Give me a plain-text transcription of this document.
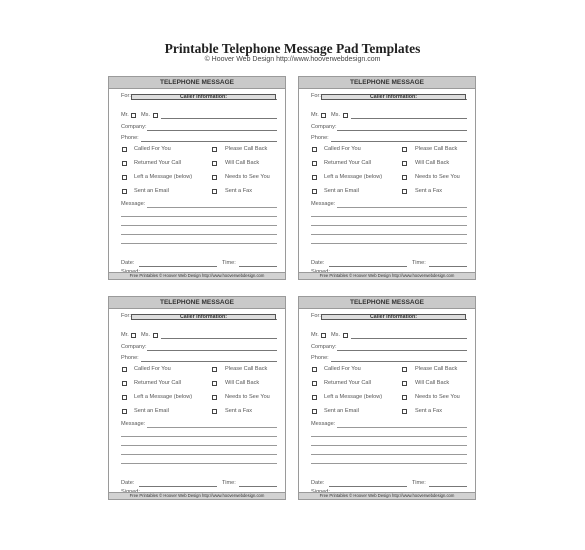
Printable Telephone Message Pad Templates
© Hoover Web Design http://www.hooverwebdesign.com
TELEPHONE MESSAGE
For:	Caller Information:
Mr. Ms.
Company:
Phone:
Called For You	Please Call Back
Returned Your Call	Will Call Back
Left a Message (below)	Needs to See You
Sent an Email	Sent a Fax
Message:
Date:	Time:
Free Printables © Hoover Web Design http://www.hooverwebdesign.com
TELEPHONE MESSAGE
For:	Caller Information:
Mr. Ms.
Company:
Phone:
Called For You	Please Call Back
Returned Your Call	Will Call Back
Left a Message (below)	Needs to See You
Sent an Email	Sent a Fax
Message:
Date:	Time:
Free Printables © Hoover Web Design http://www.hooverwebdesign.com
TELEPHONE MESSAGE
For:	Caller Information:
Mr. Ms.
Company:
Phone:
Called For You	Please Call Back
Returned Your Call	Will Call Back
Left a Message (below)	Needs to See You
Sent an Email	Sent a Fax
Message:
Date:	Time:
Free Printables © Hoover Web Design http://www.hooverwebdesign.com
TELEPHONE MESSAGE
For:	Caller Information:
Mr. Ms.
Company:
Phone:
Called For You	Please Call Back
Returned Your Call	Will Call Back
Left a Message (below)	Needs to See You
Sent an Email	Sent a Fax
Message:
Date:	Time:
Free Printables © Hoover Web Design http://www.hooverwebdesign.com
